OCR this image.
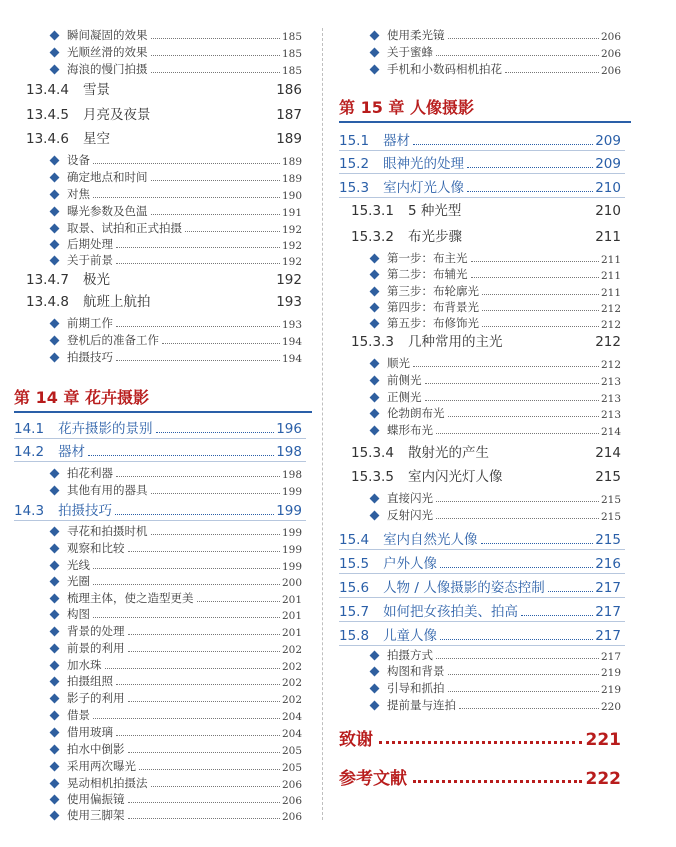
瞬间凝固的效果	185
光顺丝滑的效果	185
海浪的慢门拍摄	185
13.4.4 雪景	186
13.4.5 月亮及夜景	187
13.4.6 星空	189
设备	189
确定地点和时间	189
对焦	190
曝光参数及色温	191
取景、试拍和正式拍摄	192
后期处理	192
关于前景	192
13.4.7 极光	192
13.4.8 航班上航拍	193
前期工作	193
登机后的准备工作	194
拍摄技巧	194
第 14 章 花卉摄影
14.1 花卉摄影的景别	196
14.2 器材	198
拍花利器	198
其他有用的器具	199
14.3 拍摄技巧	199
寻花和拍摄时机	199
观察和比较	199
光线	199
光圈	200
梳理主体，使之造型更美	201
构图	201
背景的处理	201
前景的利用	202
加水珠	202
拍摄组照	202
影子的利用	202
借景	204
借用玻璃	204
拍水中倒影	205
采用两次曝光	205
晃动相机拍摄法	206
使用偏振镜	206
使用三脚架	206
使用柔光镜	206
关于蜜蜂	206
手机和小数码相机拍花	206
第 15 章 人像摄影
15.1 器材	209
15.2 眼神光的处理	209
15.3 室内灯光人像	210
15.3.1 5 种光型	210
15.3.2 布光步骤	211
第一步：布主光	211
第二步：布辅光	211
第三步：布轮廓光	211
第四步：布背景光	212
第五步：布修饰光	212
15.3.3 几种常用的主光	212
顺光	212
前侧光	213
正侧光	213
伦勃朗布光	213
蝶形布光	214
15.3.4 散射光的产生	214
15.3.5 室内闪光灯人像	215
直接闪光	215
反射闪光	215
15.4 室内自然光人像	215
15.5 户外人像	216
15.6 人物 / 人像摄影的姿态控制	217
15.7 如何把女孩拍美、拍高	217
15.8 儿童人像	217
拍摄方式	217
构图和背景	219
引导和抓拍	219
提前量与连拍	220
致谢	221
参考文献	222
